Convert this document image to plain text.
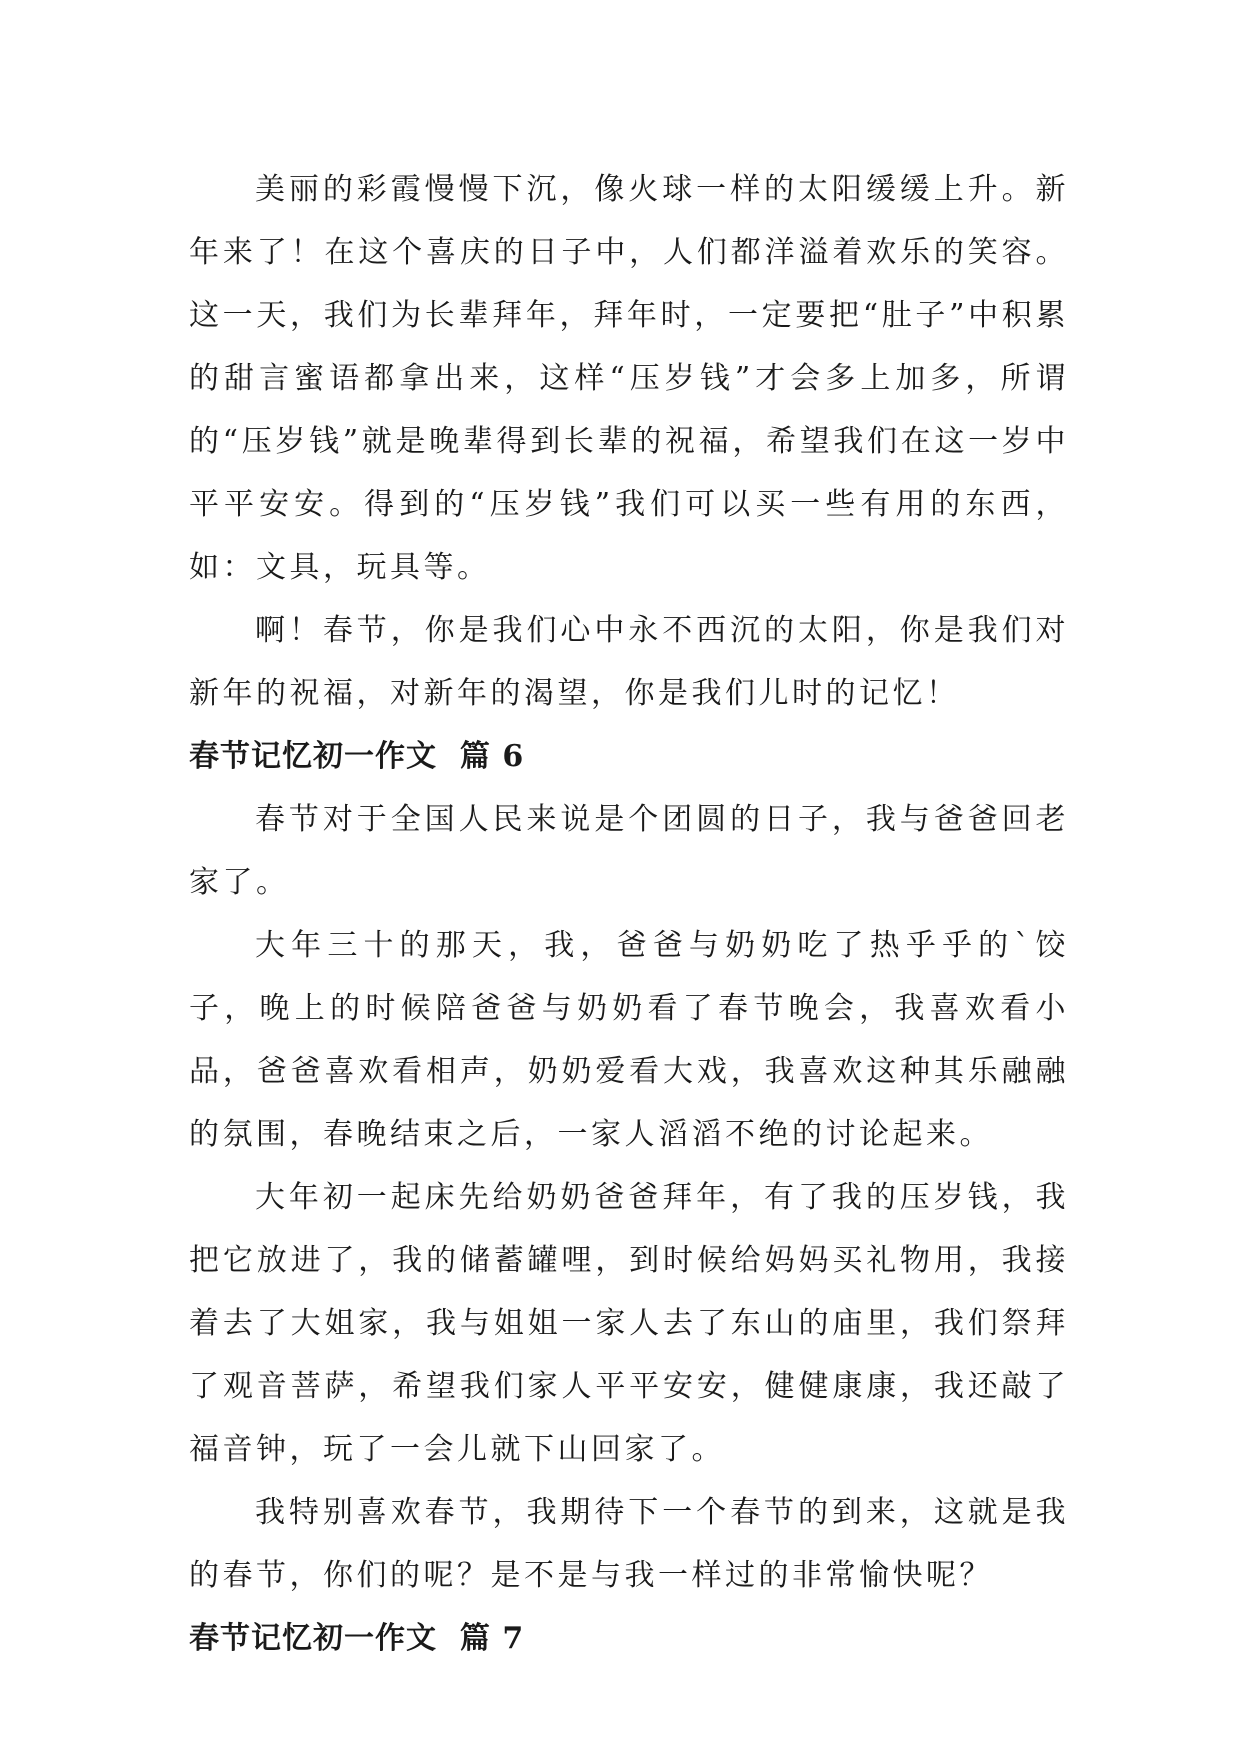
美丽的彩霞慢慢下沉，像火球一样的太阳缓缓上升。新年来了！在这个喜庆的日子中，人们都洋溢着欢乐的笑容。这一天，我们为长辈拜年，拜年时，一定要把“肚子”中积累的甜言蜜语都拿出来，这样“压岁钱”才会多上加多，所谓的“压岁钱”就是晚辈得到长辈的祝福，希望我们在这一岁中平平安安。得到的“压岁钱”我们可以买一些有用的东西，如：文具，玩具等。

啊！春节，你是我们心中永不西沉的太阳，你是我们对新年的祝福，对新年的渴望，你是我们儿时的记忆！

春节记忆初一作文  篇 6

春节对于全国人民来说是个团圆的日子，我与爸爸回老家了。

大年三十的那天，我，爸爸与奶奶吃了热乎乎的`饺子，晚上的时候陪爸爸与奶奶看了春节晚会，我喜欢看小品，爸爸喜欢看相声，奶奶爱看大戏，我喜欢这种其乐融融的氛围，春晚结束之后，一家人滔滔不绝的讨论起来。

大年初一起床先给奶奶爸爸拜年，有了我的压岁钱，我把它放进了，我的储蓄罐哩，到时候给妈妈买礼物用，我接着去了大姐家，我与姐姐一家人去了东山的庙里，我们祭拜了观音菩萨，希望我们家人平平安安，健健康康，我还敲了福音钟，玩了一会儿就下山回家了。

我特别喜欢春节，我期待下一个春节的到来，这就是我的春节，你们的呢？是不是与我一样过的非常愉快呢？

春节记忆初一作文  篇 7
